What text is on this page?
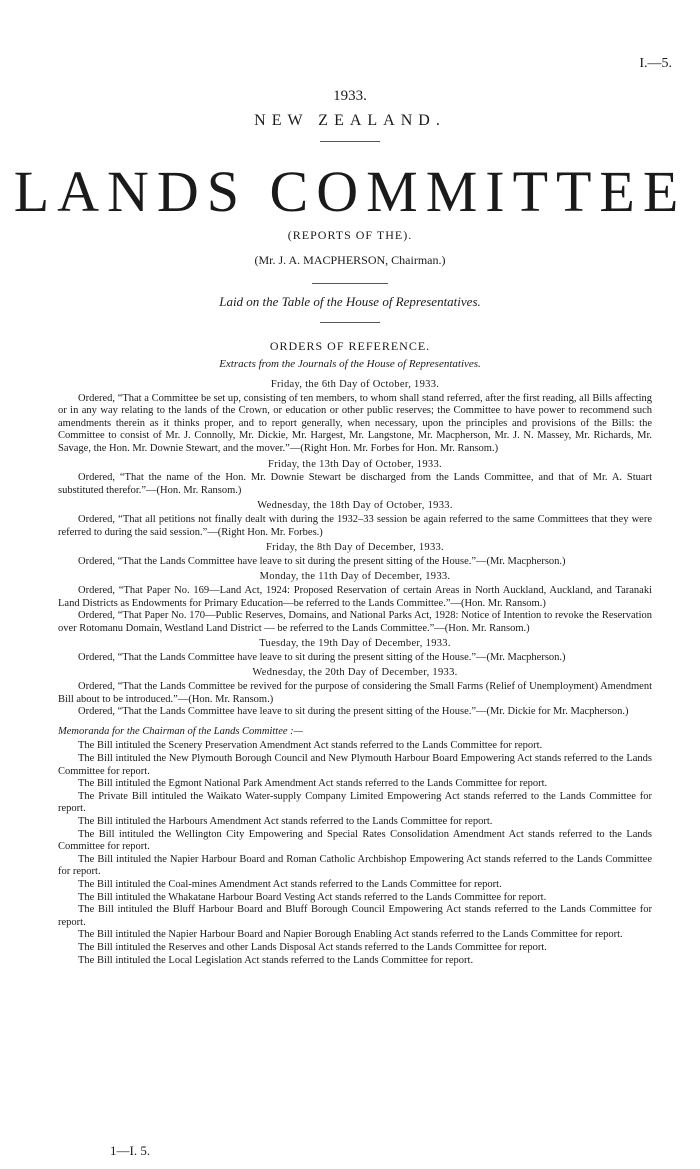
I.—5.
1933.
NEW ZEALAND.
LANDS COMMITTEE
(REPORTS OF THE).
(Mr. J. A. MACPHERSON, Chairman.)
Laid on the Table of the House of Representatives.
ORDERS OF REFERENCE.
Extracts from the Journals of the House of Representatives.
Friday, the 6th Day of October, 1933.

Ordered, “That a Committee be set up, consisting of ten members, to whom shall stand referred, after the first reading, all Bills affecting or in any way relating to the lands of the Crown, or education or other public reserves; the Committee to have power to recommend such amendments therein as it thinks proper, and to report generally, when necessary, upon the principles and provisions of the Bills: the Committee to consist of Mr. J. Connolly, Mr. Dickie, Mr. Hargest, Mr. Langstone, Mr. Macpherson, Mr. J. N. Massey, Mr. Richards, Mr. Savage, the Hon. Mr. Downie Stewart, and the mover.”—(Right Hon. Mr. Forbes for Hon. Mr. Ransom.)

Friday, the 13th Day of October, 1933.

Ordered, “That the name of the Hon. Mr. Downie Stewart be discharged from the Lands Committee, and that of Mr. A. Stuart substituted therefor.”—(Hon. Mr. Ransom.)

Wednesday, the 18th Day of October, 1933.

Ordered, “That all petitions not finally dealt with during the 1932–33 session be again referred to the same Committees that they were referred to during the said session.”—(Right Hon. Mr. Forbes.)

Friday, the 8th Day of December, 1933.

Ordered, “That the Lands Committee have leave to sit during the present sitting of the House.”—(Mr. Macpherson.)

Monday, the 11th Day of December, 1933.

Ordered, “That Paper No. 169—Land Act, 1924: Proposed Reservation of certain Areas in North Auckland, Auckland, and Taranaki Land Districts as Endowments for Primary Education—be referred to the Lands Committee.”—(Hon. Mr. Ransom.)

Ordered, “That Paper No. 170—Public Reserves, Domains, and National Parks Act, 1928: Notice of Intention to revoke the Reservation over Rotomanu Domain, Westland Land District — be referred to the Lands Committee.”—(Hon. Mr. Ransom.)

Tuesday, the 19th Day of December, 1933.

Ordered, “That the Lands Committee have leave to sit during the present sitting of the House.”—(Mr. Macpherson.)

Wednesday, the 20th Day of December, 1933.

Ordered, “That the Lands Committee be revived for the purpose of considering the Small Farms (Relief of Unemployment) Amendment Bill about to be introduced.”—(Hon. Mr. Ransom.)

Ordered, “That the Lands Committee have leave to sit during the present sitting of the House.”—(Mr. Dickie for Mr. Macpherson.)

Memoranda for the Chairman of the Lands Committee :—

The Bill intituled the Scenery Preservation Amendment Act stands referred to the Lands Committee for report.

The Bill intituled the New Plymouth Borough Council and New Plymouth Harbour Board Empowering Act stands referred to the Lands Committee for report.

The Bill intituled the Egmont National Park Amendment Act stands referred to the Lands Committee for report.

The Private Bill intituled the Waikato Water-supply Company Limited Empowering Act stands referred to the Lands Committee for report.

The Bill intituled the Harbours Amendment Act stands referred to the Lands Committee for report.

The Bill intituled the Wellington City Empowering and Special Rates Consolidation Amendment Act stands referred to the Lands Committee for report.

The Bill intituled the Napier Harbour Board and Roman Catholic Archbishop Empowering Act stands referred to the Lands Committee for report.

The Bill intituled the Coal-mines Amendment Act stands referred to the Lands Committee for report.

The Bill intituled the Whakatane Harbour Board Vesting Act stands referred to the Lands Committee for report.

The Bill intituled the Bluff Harbour Board and Bluff Borough Council Empowering Act stands referred to the Lands Committee for report.

The Bill intituled the Napier Harbour Board and Napier Borough Enabling Act stands referred to the Lands Committee for report.

The Bill intituled the Reserves and other Lands Disposal Act stands referred to the Lands Committee for report.

The Bill intituled the Local Legislation Act stands referred to the Lands Committee for report.

1—I. 5.
